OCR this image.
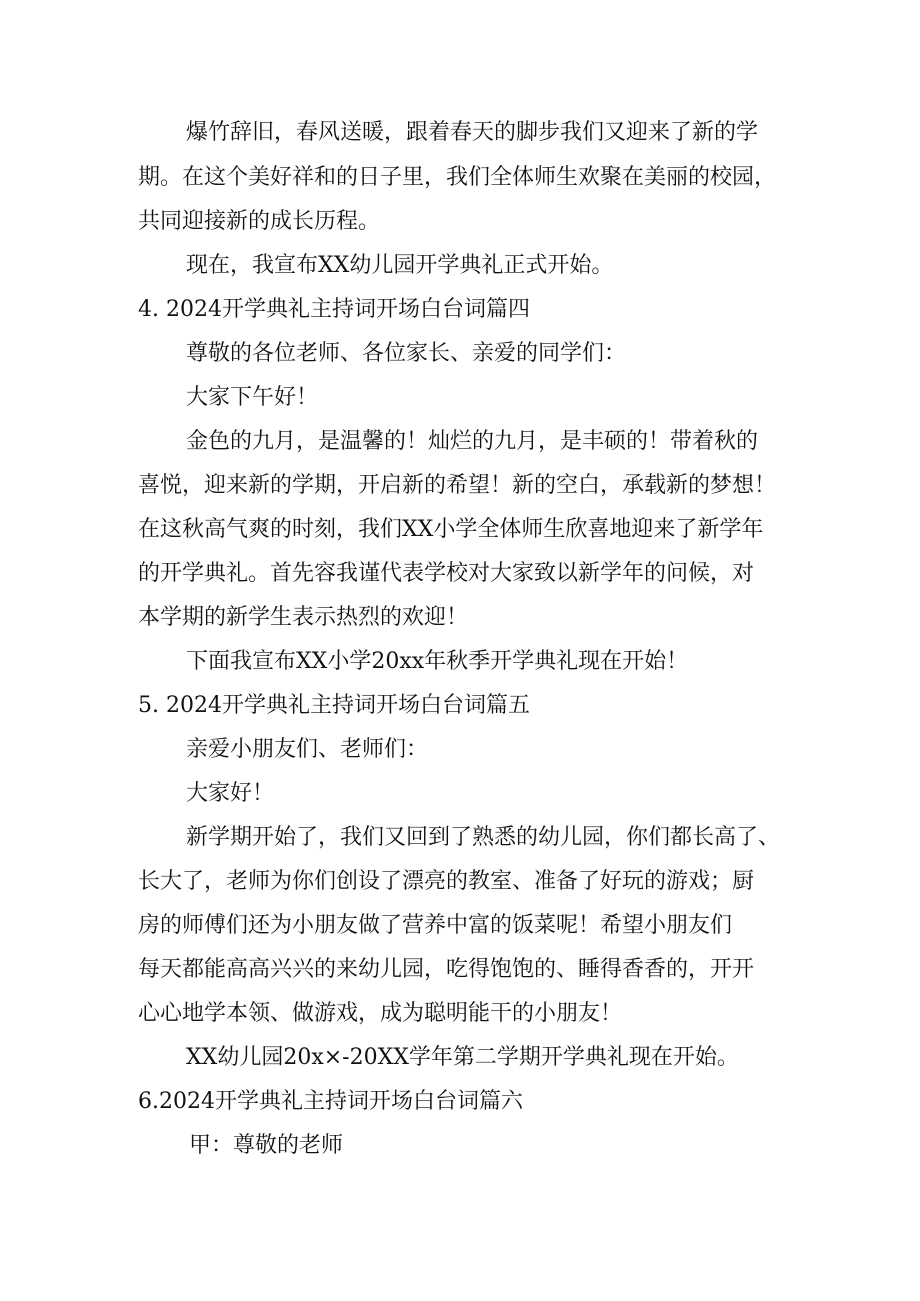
爆竹辞旧，春风送暖，跟着春天的脚步我们又迎来了新的学
期。在这个美好祥和的日子里，我们全体师生欢聚在美丽的校园，
共同迎接新的成长历程。
现在，我宣布XX幼儿园开学典礼正式开始。
4. 2024开学典礼主持词开场白台词篇四
尊敬的各位老师、各位家长、亲爱的同学们：
大家下午好！
金色的九月，是温馨的！灿烂的九月，是丰硕的！带着秋的
喜悦，迎来新的学期，开启新的希望！新的空白，承载新的梦想！
在这秋高气爽的时刻，我们XX小学全体师生欣喜地迎来了新学年
的开学典礼。首先容我谨代表学校对大家致以新学年的问候，对
本学期的新学生表示热烈的欢迎！
下面我宣布XX小学20xx年秋季开学典礼现在开始！
5. 2024开学典礼主持词开场白台词篇五
亲爱小朋友们、老师们：
大家好！
新学期开始了，我们又回到了熟悉的幼儿园，你们都长高了、
长大了，老师为你们创设了漂亮的教室、准备了好玩的游戏；厨
房的师傅们还为小朋友做了营养中富的饭菜呢！希望小朋友们
每天都能高高兴兴的来幼儿园，吃得饱饱的、睡得香香的，开开
心心地学本领、做游戏，成为聪明能干的小朋友！
XX幼儿园20x×-20XX学年第二学期开学典礼现在开始。
6.2024开学典礼主持词开场白台词篇六
甲：尊敬的老师
